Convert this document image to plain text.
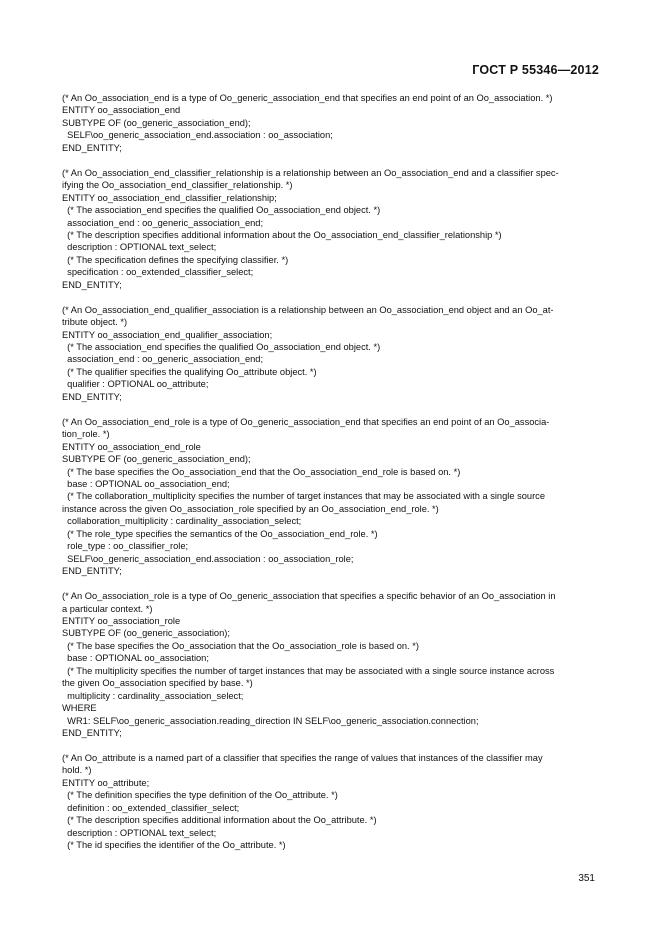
ГОСТ Р 55346—2012
(* An Oo_association_end is a type of Oo_generic_association_end that specifies an end point of an Oo_association. *)
ENTITY oo_association_end
SUBTYPE OF (oo_generic_association_end);
SELF\oo_generic_association_end.association : oo_association;
END_ENTITY;
(* An Oo_association_end_classifier_relationship is a relationship between an Oo_association_end and a classifier spec-
ifying the Oo_association_end_classifier_relationship. *)
ENTITY oo_association_end_classifier_relationship;
(* The association_end specifies the qualified Oo_association_end object. *)
association_end : oo_generic_association_end;
(* The description specifies additional information about the Oo_association_end_classifier_relationship *)
description : OPTIONAL text_select;
(* The specification defines the specifying classifier. *)
specification : oo_extended_classifier_select;
END_ENTITY;
(* An Oo_association_end_qualifier_association is a relationship between an Oo_association_end object and an Oo_at-
tribute object. *)
ENTITY oo_association_end_qualifier_association;
(* The association_end specifies the qualified Oo_association_end object. *)
association_end : oo_generic_association_end;
(* The qualifier specifies the qualifying Oo_attribute object. *)
qualifier : OPTIONAL oo_attribute;
END_ENTITY;
(* An Oo_association_end_role is a type of Oo_generic_association_end that specifies an end point of an Oo_associa-
tion_role. *)
ENTITY oo_association_end_role
SUBTYPE OF (oo_generic_association_end);
(* The base specifies the Oo_association_end that the Oo_association_end_role is based on. *)
base : OPTIONAL oo_association_end;
(* The collaboration_multiplicity specifies the number of target instances that may be associated with a single source
instance across the given Oo_association_role specified by an Oo_association_end_role. *)
collaboration_multiplicity : cardinality_association_select;
(* The role_type specifies the semantics of the Oo_association_end_role. *)
role_type : oo_classifier_role;
SELF\oo_generic_association_end.association : oo_association_role;
END_ENTITY;
(* An Oo_association_role is a type of Oo_generic_association that specifies a specific behavior of an Oo_association in
a particular context. *)
ENTITY oo_association_role
SUBTYPE OF (oo_generic_association);
(* The base specifies the Oo_association that the Oo_association_role is based on. *)
base : OPTIONAL oo_association;
(* The multiplicity specifies the number of target instances that may be associated with a single source instance across
the given Oo_association specified by base. *)
multiplicity : cardinality_association_select;
WHERE
WR1: SELF\oo_generic_association.reading_direction IN SELF\oo_generic_association.connection;
END_ENTITY;
(* An Oo_attribute is a named part of a classifier that specifies the range of values that instances of the classifier may
hold. *)
ENTITY oo_attribute;
(* The definition specifies the type definition of the Oo_attribute. *)
definition : oo_extended_classifier_select;
(* The description specifies additional information about the Oo_attribute. *)
description : OPTIONAL text_select;
(* The id specifies the identifier of the Oo_attribute. *)
351
